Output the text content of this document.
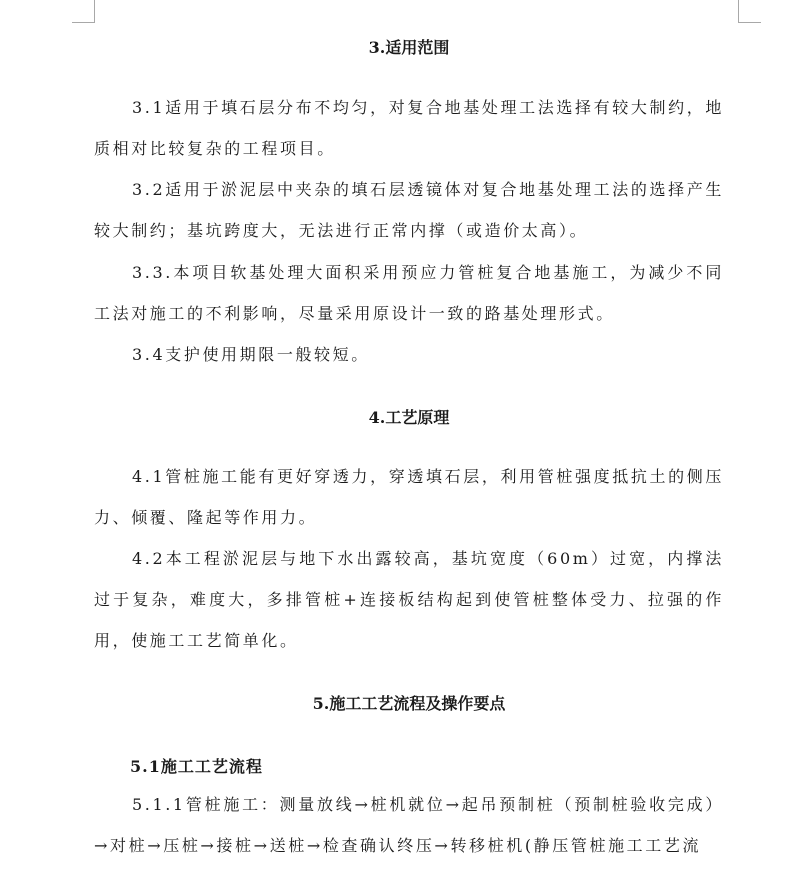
3.适用范围

3.1适用于填石层分布不均匀，对复合地基处理工法选择有较大制约，地质相对比较复杂的工程项目。

3.2适用于淤泥层中夹杂的填石层透镜体对复合地基处理工法的选择产生较大制约；基坑跨度大，无法进行正常内撑（或造价太高）。

3.3.本项目软基处理大面积采用预应力管桩复合地基施工，为减少不同工法对施工的不利影响，尽量采用原设计一致的路基处理形式。

3.4支护使用期限一般较短。

4.工艺原理

4.1管桩施工能有更好穿透力，穿透填石层，利用管桩强度抵抗土的侧压力、倾覆、隆起等作用力。

4.2本工程淤泥层与地下水出露较高，基坑宽度（60m）过宽，内撑法过于复杂，难度大，多排管桩+连接板结构起到使管桩整体受力、拉强的作用，使施工工艺简单化。

5.施工工艺流程及操作要点
5.1施工工艺流程

5.1.1管桩施工：测量放线→桩机就位→起吊预制桩（预制桩验收完成）→对桩→压桩→接桩→送桩→检查确认终压→转移桩机(静压管桩施工工艺流
